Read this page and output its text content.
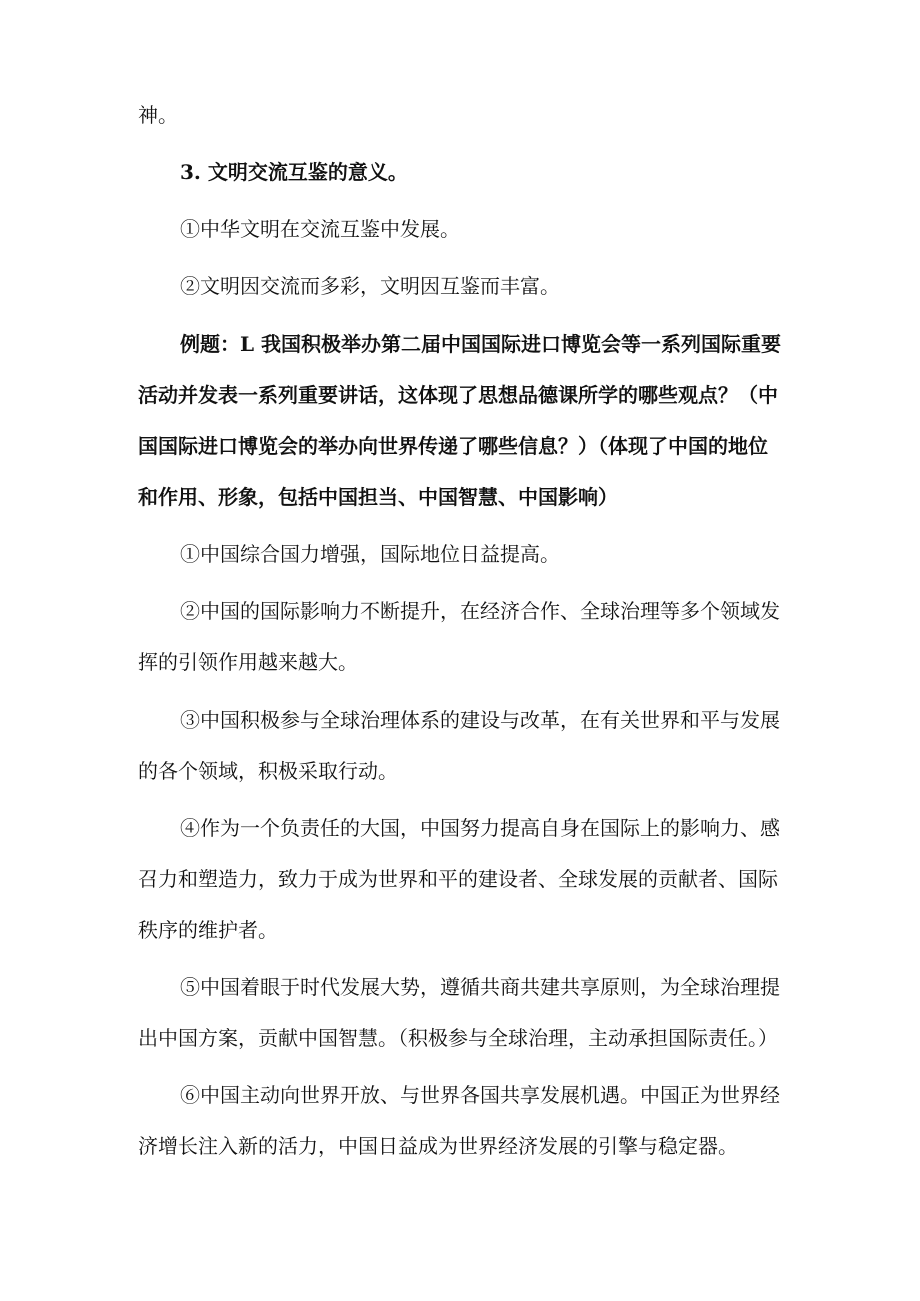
神。
3. 文明交流互鉴的意义。
①中华文明在交流互鉴中发展。
②文明因交流而多彩，文明因互鉴而丰富。
例题：L 我国积极举办第二届中国国际进口博览会等一系列国际重要
活动并发表一系列重要讲话，这体现了思想品德课所学的哪些观点？（中
国国际进口博览会的举办向世界传递了哪些信息？）（体现了中国的地位
和作用、形象，包括中国担当、中国智慧、中国影响）
①中国综合国力增强，国际地位日益提高。
②中国的国际影响力不断提升，在经济合作、全球治理等多个领域发
挥的引领作用越来越大。
③中国积极参与全球治理体系的建设与改革，在有关世界和平与发展
的各个领域，积极采取行动。
④作为一个负责任的大国，中国努力提高自身在国际上的影响力、感
召力和塑造力，致力于成为世界和平的建设者、全球发展的贡献者、国际
秩序的维护者。
⑤中国着眼于时代发展大势，遵循共商共建共享原则，为全球治理提
出中国方案，贡献中国智慧。（积极参与全球治理，主动承担国际责任。）
⑥中国主动向世界开放、与世界各国共享发展机遇。中国正为世界经
济增长注入新的活力，中国日益成为世界经济发展的引擎与稳定器。
